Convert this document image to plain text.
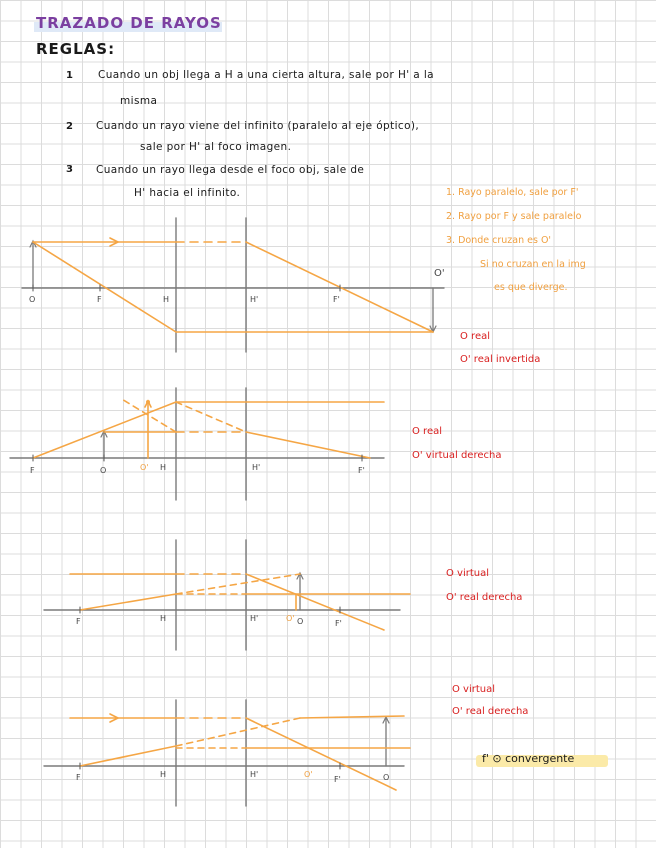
TRAZADO DE RAYOS
REGLAS:
1 Cuando un obj llega a H a una cierta altura, sale por H' a la
misma
2 Cuando un rayo viene del infinito (paralelo al eje óptico),
sale por H' al foco imagen.
3 Cuando un rayo llega desde el foco obj, sale de
H' hacia el infinito.	1. Rayo paralelo, sale por F'
2. Rayo por F y sale paralelo
3. Donde cruzan es O'
Si no cruzan en la img
es que diverge.
O	F	H	H'	F'
O'
O real
O' real invertida
F	O	O' H	H'	F'
O real
O' virtual derecha
F	H	H'	O' O	F'
O virtual
O' real derecha
F	H	H'	O'
F'	O
O virtual
O' real derecha
f' ⊙ convergente
